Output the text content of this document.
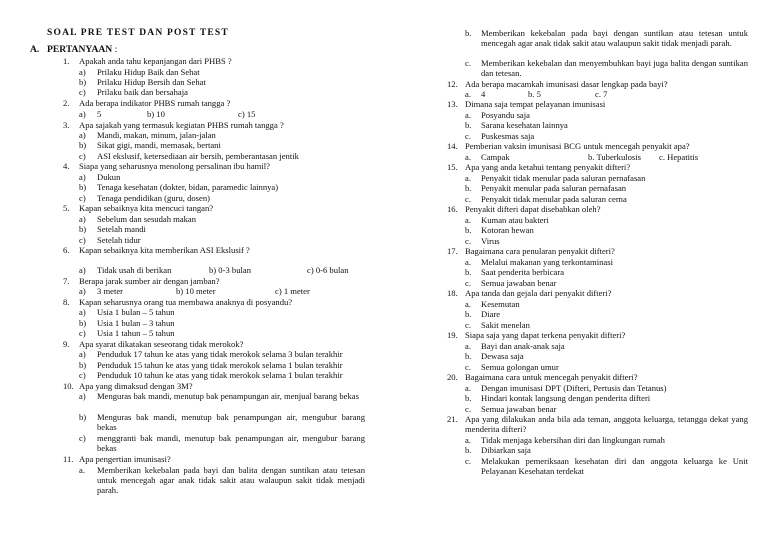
SOAL PRE TEST DAN POST TEST
A. PERTANYAAN :
1. Apakah anda tahu kepanjangan dari PHBS ?
a) Prilaku Hidup Baik dan Sehat
b) Prilaku Hidup Bersih dan Sehat
c) Prilaku baik dan bersahaja
2. Ada berapa indikator PHBS rumah tangga ?
a) 5	b) 10	c) 15
3. Apa sajakah yang termasuk kegiatan PHBS rumah tangga ?
a) Mandi, makan, minum, jalan-jalan
b) Sikat gigi, mandi, memasak, bertani
c) ASI ekslusif, ketersediaan air bersih, pemberantasan jentik
4. Siapa yang seharusnya menolong persalinan ibu hamil?
a) Dukun
b) Tenaga kesehatan (dokter, bidan, paramedic lainnya)
c) Tenaga pendidikan (guru, dosen)
5. Kapan sebaiknya kita mencuci tangan?
a) Sebelum dan sesudah makan
b) Setelah mandi
c) Setelah tidur
6. Kapan sebaiknya kita memberikan ASI Ekslusif ?
a) Tidak usah di berikan	b) 0-3 bulan	c) 0-6 bulan
7. Berapa jarak sumber air dengan jamban?
a) 3 meter	b) 10 meter	c) 1 meter
8. Kapan seharusnya orang tua membawa anaknya di posyandu?
a) Usia 1 bulan – 5 tahun
b) Usia 1 bulan – 3 tahun
c) Usia 1 tahun – 5 tahun
9. Apa syarat dikatakan seseorang tidak merokok?
a) Penduduk 17 tahun ke atas yang tidak merokok selama 3 bulan terakhir
b) Penduduk 15 tahun ke atas yang tidak merokok selama 1 bulan terakhir
c) Penduduk 10 tahun ke atas yang tidak merokok selama 1 bulan terakhir
10. Apa yang dimaksud dengan 3M?
a) Menguras bak mandi, menutup bak penampungan air, menjual barang bekas
b) Menguras bak mandi, menutup bak penampungan air, mengubur barang bekas
c) menggranti bak mandi, menutup bak penampungan air, mengubur barang bekas
11. Apa pengertian imunisasi?
a. Memberikan kekebalan pada bayi dan balita dengan suntikan atau tetesan untuk mencegah agar anak tidak sakit atau walaupun sakit tidak menjadi parah.
b. Memberikan kekebalan pada bayi dengan suntikan atau tetesan untuk mencegah agar anak tidak sakit atau walaupun sakit tidak menjadi parah.
c. Memberikan kekebalan dan menyembuhkan bayi juga balita dengan suntikan dan tetesan.
12. Ada berapa macamkah imunisasi dasar lengkap pada bayi?
a. 4	b. 5	c. 7
13. Dimana saja tempat pelayanan imunisasi
a. Posyandu saja
b. Sarana kesehatan lainnya
c. Puskesmas saja
14. Pemberian vaksin imunisasi BCG untuk mencegah penyakit apa?
a. Campak	b. Tuberkulosis c. Hepatitis
15. Apa yang anda ketahui tentang penyakit difteri?
a. Penyakit tidak menular pada saluran pernafasan
b. Penyakit menular pada saluran pernafasan
c. Penyakit tidak menular pada saluran cerna
16. Penyakit difteri dapat disebabkan oleh?
a. Kuman atau bakteri
b. Kotoran hewan
c. Virus
17. Bagaimana cara penularan penyakit difteri?
a. Melalui makanan yang terkontaminasi
b. Saat penderita berbicara
c. Semua jawaban benar
18. Apa tanda dan gejala dari penyakit difteri?
a. Kesemutan
b. Diare
c. Sakit menelan
19. Siapa saja yang dapat terkena penyakit difteri?
a. Bayi dan anak-anak saja
b. Dewasa saja
c. Semua golongan umur
20. Bagaimana cara untuk mencegah penyakit difteri?
a. Dengan imunisasi DPT (Difteri, Pertusis dan Tetanus)
b. Hindari kontak langsung dengan penderita difteri
c. Semua jawaban benar
21. Apa yang dilakukan anda bila ada teman, anggota keluarga, tetangga dekat yang menderita difteri?
a. Tidak menjaga kebersihan diri dan lingkungan rumah
b. Dibiarkan saja
c. Melakukan pemeriksaan kesehatan diri dan anggota keluarga ke Unit Pelayanan Kesehatan terdekat
